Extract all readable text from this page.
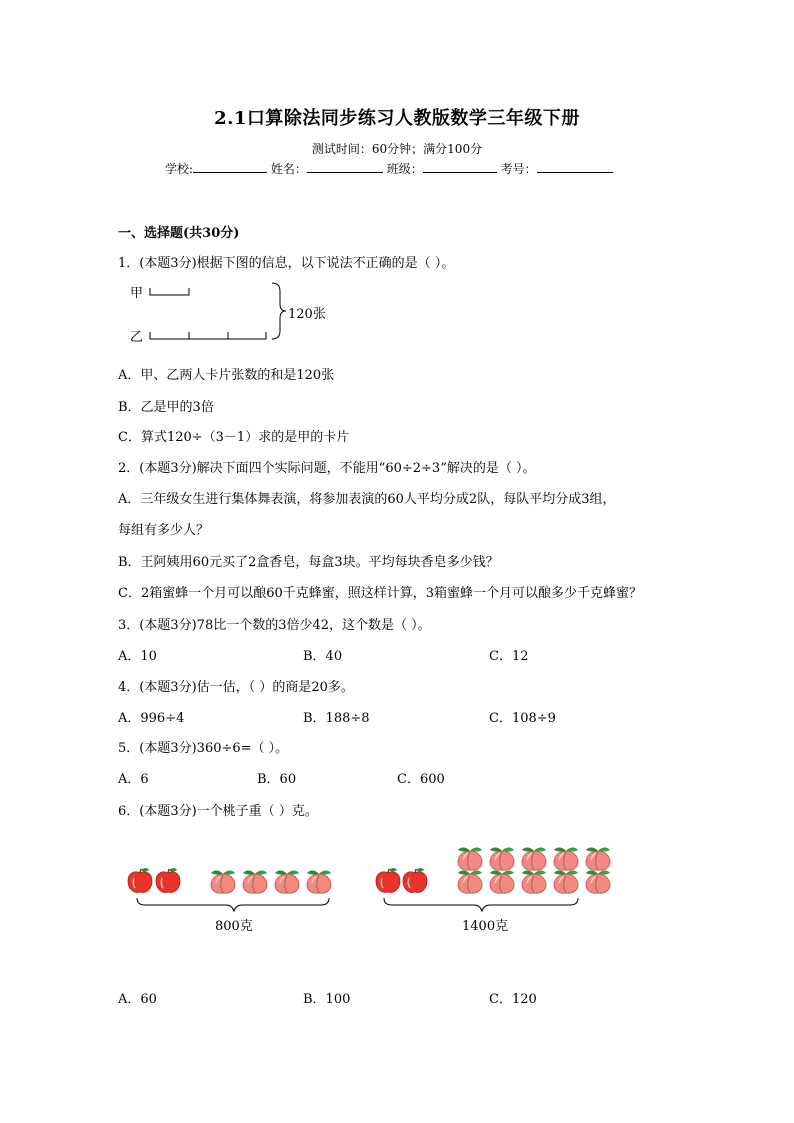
2.1口算除法同步练习人教版数学三年级下册
测试时间：60分钟；满分100分
学校:	姓名：	班级：	考号：
一、选择题(共30分)
1．(本题3分)根据下图的信息，以下说法不正确的是（ ）。
甲
乙
120张
A．甲、乙两人卡片张数的和是120张
B．乙是甲的3倍
C．算式120÷（3－1）求的是甲的卡片
2．(本题3分)解决下面四个实际问题，不能用“60÷2÷3”解决的是（ ）。
A．三年级女生进行集体舞表演，将参加表演的60人平均分成2队，每队平均分成3组，
每组有多少人？
B．王阿姨用60元买了2盒香皂，每盒3块。平均每块香皂多少钱？
C．2箱蜜蜂一个月可以酿60千克蜂蜜，照这样计算，3箱蜜蜂一个月可以酿多少千克蜂蜜？
3．(本题3分)78比一个数的3倍少42，这个数是（ ）。
A．10	B．40	C．12
4．(本题3分)估一估，（ ）的商是20多。
A．996÷4	B．188÷8	C．108÷9
5．(本题3分)360÷6=（ ）。
A．6	B．60	C．600
6．(本题3分)一个桃子重（ ）克。
800克	1400克
A．60	B．100	C．120
